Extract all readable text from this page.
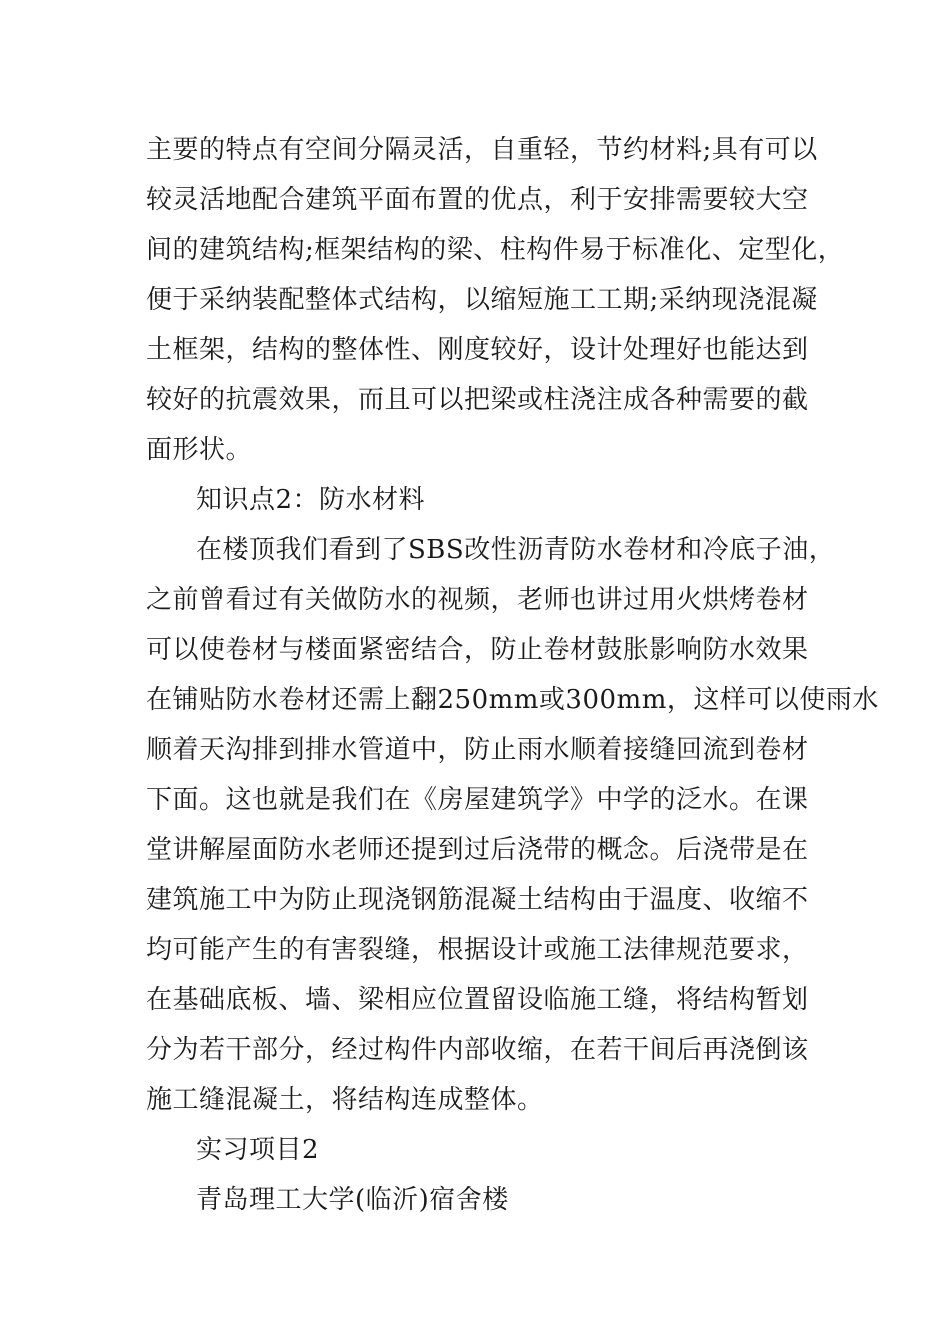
主要的特点有空间分隔灵活，自重轻，节约材料;具有可以
较灵活地配合建筑平面布置的优点，利于安排需要较大空
间的建筑结构;框架结构的梁、柱构件易于标准化、定型化，
便于采纳装配整体式结构，以缩短施工工期;采纳现浇混凝
土框架，结构的整体性、刚度较好，设计处理好也能达到
较好的抗震效果，而且可以把梁或柱浇注成各种需要的截
面形状。
知识点2：防水材料
在楼顶我们看到了SBS改性沥青防水卷材和冷底子油，
之前曾看过有关做防水的视频，老师也讲过用火烘烤卷材
可以使卷材与楼面紧密结合，防止卷材鼓胀影响防水效果
在铺贴防水卷材还需上翻250mm或300mm，这样可以使雨水
顺着天沟排到排水管道中，防止雨水顺着接缝回流到卷材
下面。这也就是我们在《房屋建筑学》中学的泛水。在课
堂讲解屋面防水老师还提到过后浇带的概念。后浇带是在
建筑施工中为防止现浇钢筋混凝土结构由于温度、收缩不
均可能产生的有害裂缝，根据设计或施工法律规范要求，
在基础底板、墙、梁相应位置留设临施工缝，将结构暂划
分为若干部分，经过构件内部收缩，在若干间后再浇倒该
施工缝混凝土，将结构连成整体。
实习项目2
青岛理工大学(临沂)宿舍楼
